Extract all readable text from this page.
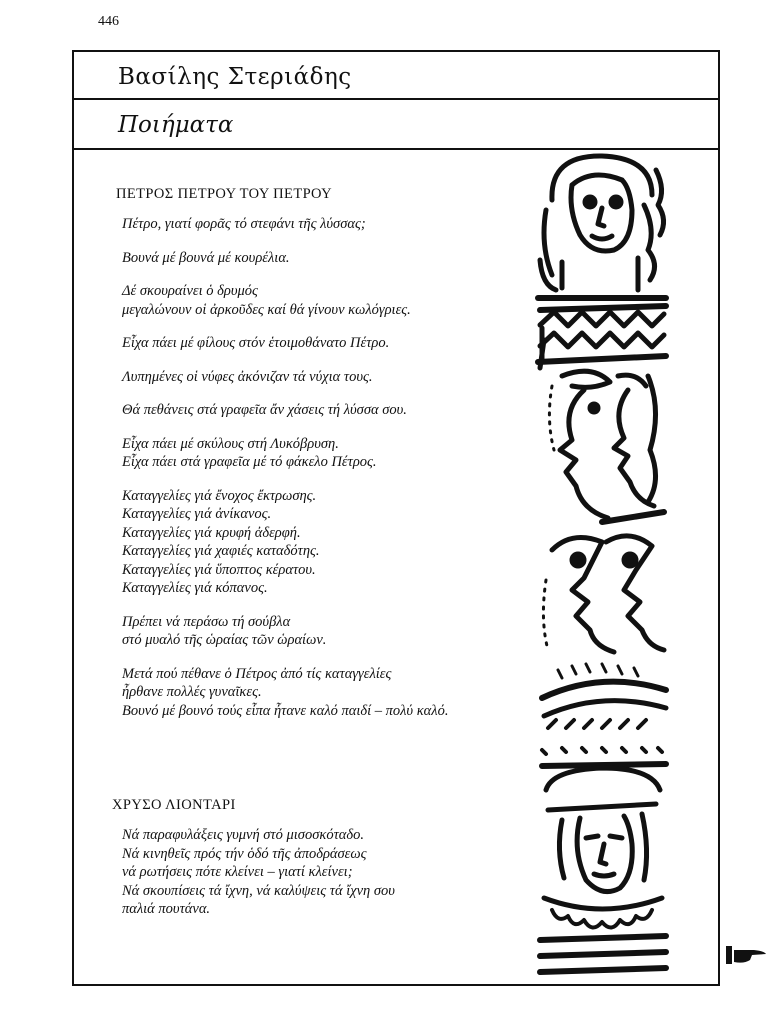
446
Βασίλης Στεριάδης
Ποιήματα
ΠΕΤΡΟΣ ΠΕΤΡΟΥ ΤΟΥ ΠΕΤΡΟΥ
Πέτρο, γιατί φορᾶς τό στεφάνι τῆς λύσσας;
Βουνά μέ βουνά μέ κουρέλια.
Δέ σκουραίνει ὁ δρυμός
μεγαλώνουν οἱ ἀρκοῦδες καί θά γίνουν κωλόγριες.
Εἶχα πάει μέ φίλους στόν ἑτοιμοθάνατο Πέτρο.
Λυπημένες οἱ νύφες ἀκόνιζαν τά νύχια τους.
Θά πεθάνεις στά γραφεῖα ἄν χάσεις τή λύσσα σου.
Εἶχα πάει μέ σκύλους στή Λυκόβρυση.
Εἶχα πάει στά γραφεῖα μέ τό φάκελο Πέτρος.
Καταγγελίες γιά ἔνοχος ἔκτρωσης.
Καταγγελίες γιά ἀνίκανος.
Καταγγελίες γιά κρυφή ἀδερφή.
Καταγγελίες γιά χαφιές καταδότης.
Καταγγελίες γιά ὕποπτος κέρατου.
Καταγγελίες γιά κόπανος.
Πρέπει νά περάσω τή σούβλα
στό μυαλό τῆς ὡραίας τῶν ὡραίων.
Μετά πού πέθανε ὁ Πέτρος ἀπό τίς καταγγελίες
ἦρθανε πολλές γυναῖκες.
Βουνό μέ βουνό τούς εἶπα ἦτανε καλό παιδί – πολύ καλό.
ΧΡΥΣΟ ΛΙΟΝΤΑΡΙ
Νά παραφυλάξεις γυμνή στό μισοσκόταδο.
Νά κινηθεῖς πρός τήν ὁδό τῆς ἀποδράσεως
νά ρωτήσεις πότε κλείνει – γιατί κλείνει;
Νά σκουπίσεις τά ἴχνη, νά καλύψεις τά ἴχνη σου
παλιά πουτάνα.
